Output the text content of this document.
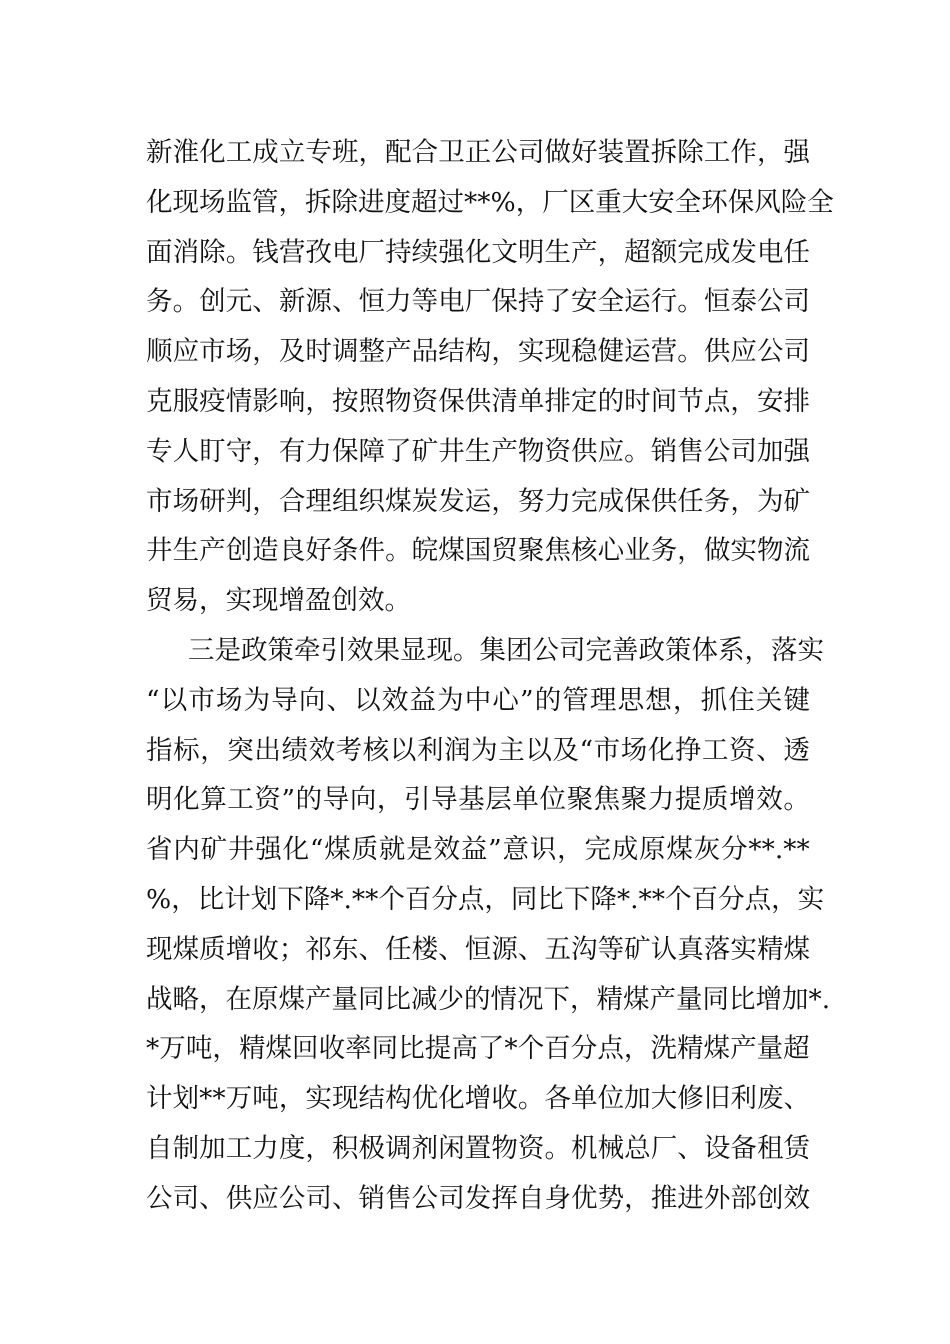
新 淮 化 工 成 立 专 班 ， 配 合 卫 正 公 司 做 好 装 置 拆 除 工 作 ， 强
化 现 场 监 管 ， 拆 除 进 度 超 过 **% ， 厂 区 重 大 安 全 环 保 风 险 全
面 消 除 。 钱 营 孜 电 厂 持 续 强 化 文 明 生 产 ， 超 额 完 成 发 电 任
务 。 创 元 、 新 源 、 恒 力 等 电 厂 保 持 了 安 全 运 行 。 恒 泰 公 司
顺 应 市 场 ， 及 时 调 整 产 品 结 构 ， 实 现 稳 健 运 营 。 供 应 公 司
克 服 疫 情 影 响 ， 按 照 物 资 保 供 清 单 排 定 的 时 间 节 点 ， 安 排
专 人 盯 守 ， 有 力 保 障 了 矿 井 生 产 物 资 供 应 。 销 售 公 司 加 强
市 场 研 判 ， 合 理 组 织 煤 炭 发 运 ， 努 力 完 成 保 供 任 务 ， 为 矿
井 生 产 创 造 良 好 条 件 。 皖 煤 国 贸 聚 焦 核 心 业 务 ， 做 实 物 流
贸易，实现增盈创效。
三 是 政 策 牵 引 效 果 显 现 。 集 团 公 司 完 善 政 策 体 系 ， 落 实
“ 以 市 场 为 导 向 、 以 效 益 为 中 心 ” 的 管 理 思 想 ， 抓 住 关 键
指 标 ， 突 出 绩 效 考 核 以 利 润 为 主 以 及 “ 市 场 化 挣 工 资 、 透
明 化 算 工 资 ” 的 导 向 ， 引 导 基 层 单 位 聚 焦 聚 力 提 质 增 效 。
省 内 矿 井 强 化 “ 煤 质 就 是 效 益 ” 意 识 ， 完 成 原 煤 灰 分 **.**
% ， 比 计 划 下 降 *.** 个 百 分 点 ， 同 比 下 降 *.** 个 百 分 点 ， 实
现 煤 质 增 收 ； 祁 东 、 任 楼 、 恒 源 、 五 沟 等 矿 认 真 落 实 精 煤
战 略 ， 在 原 煤 产 量 同 比 减 少 的 情 况 下 ， 精 煤 产 量 同 比 增 加 *.
* 万 吨 ， 精 煤 回 收 率 同 比 提 高 了 * 个 百 分 点 ， 洗 精 煤 产 量 超
计 划 ** 万 吨 ， 实 现 结 构 优 化 增 收 。 各 单 位 加 大 修 旧 利 废 、
自 制 加 工 力 度 ， 积 极 调 剂 闲 置 物 资 。 机 械 总 厂 、 设 备 租 赁
公 司 、 供 应 公 司 、 销 售 公 司 发 挥 自 身 优 势 ， 推 进 外 部 创 效
